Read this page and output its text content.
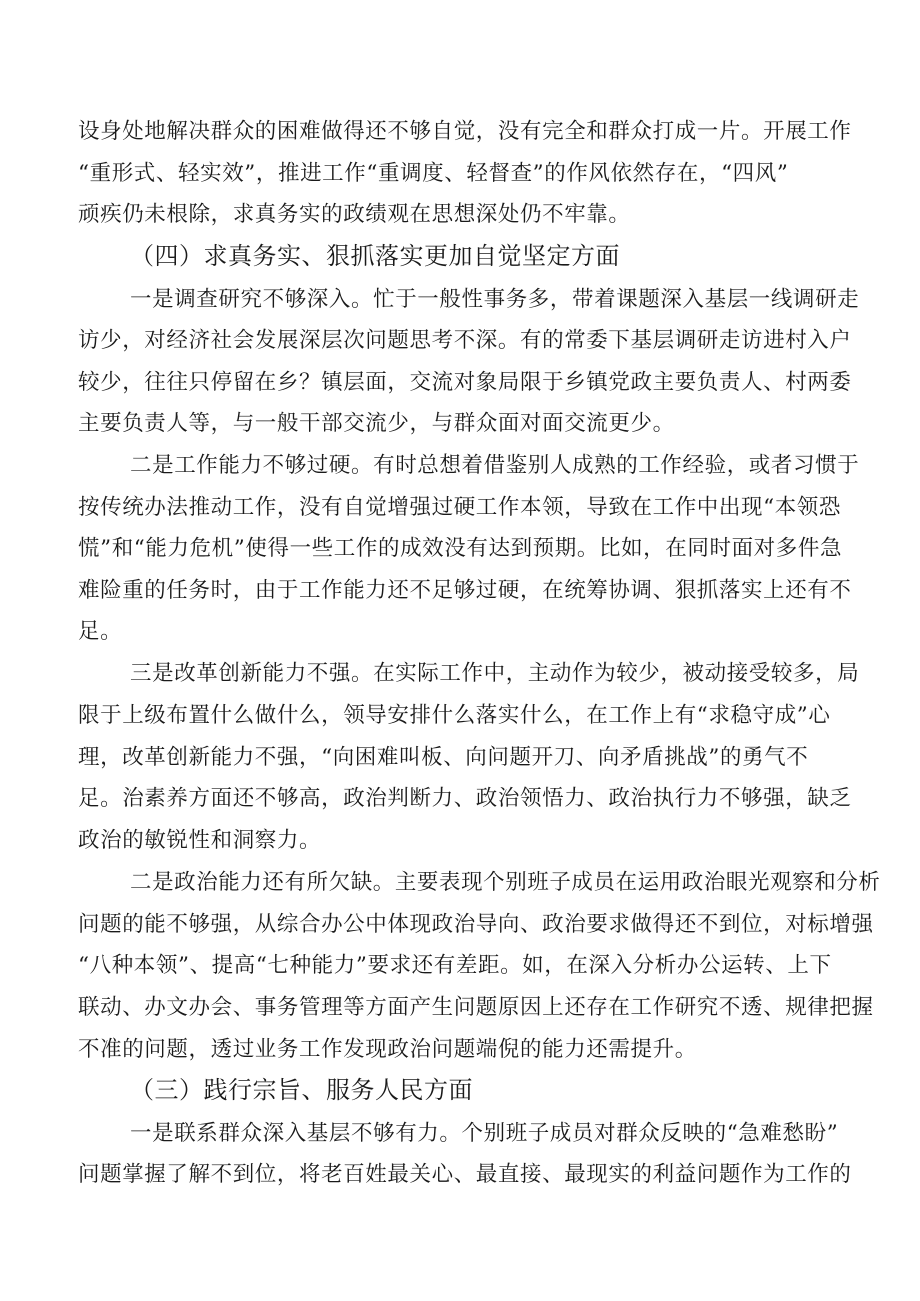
设身处地解决群众的困难做得还不够自觉，没有完全和群众打成一片。开展工作
“重形式、轻实效”，推进工作“重调度、轻督查”的作风依然存在，“四风”
顽疾仍未根除，求真务实的政绩观在思想深处仍不牢靠。
（四）求真务实、狠抓落实更加自觉坚定方面
一是调查研究不够深入。忙于一般性事务多，带着课题深入基层一线调研走
访少，对经济社会发展深层次问题思考不深。有的常委下基层调研走访进村入户
较少，往往只停留在乡？镇层面，交流对象局限于乡镇党政主要负责人、村两委
主要负责人等，与一般干部交流少，与群众面对面交流更少。
二是工作能力不够过硬。有时总想着借鉴别人成熟的工作经验，或者习惯于
按传统办法推动工作，没有自觉增强过硬工作本领，导致在工作中出现“本领恐
慌”和“能力危机”使得一些工作的成效没有达到预期。比如，在同时面对多件急
难险重的任务时，由于工作能力还不足够过硬，在统筹协调、狠抓落实上还有不
足。
三是改革创新能力不强。在实际工作中，主动作为较少，被动接受较多，局
限于上级布置什么做什么，领导安排什么落实什么，在工作上有“求稳守成”心
理，改革创新能力不强，“向困难叫板、向问题开刀、向矛盾挑战”的勇气不
足。治素养方面还不够高，政治判断力、政治领悟力、政治执行力不够强，缺乏
政治的敏锐性和洞察力。
二是政治能力还有所欠缺。主要表现个别班子成员在运用政治眼光观察和分析
问题的能不够强，从综合办公中体现政治导向、政治要求做得还不到位，对标增强
“八种本领”、提高“七种能力”要求还有差距。如，在深入分析办公运转、上下
联动、办文办会、事务管理等方面产生问题原因上还存在工作研究不透、规律把握
不准的问题，透过业务工作发现政治问题端倪的能力还需提升。
（三）践行宗旨、服务人民方面
一是联系群众深入基层不够有力。个别班子成员对群众反映的“急难愁盼”
问题掌握了解不到位，将老百姓最关心、最直接、最现实的利益问题作为工作的
